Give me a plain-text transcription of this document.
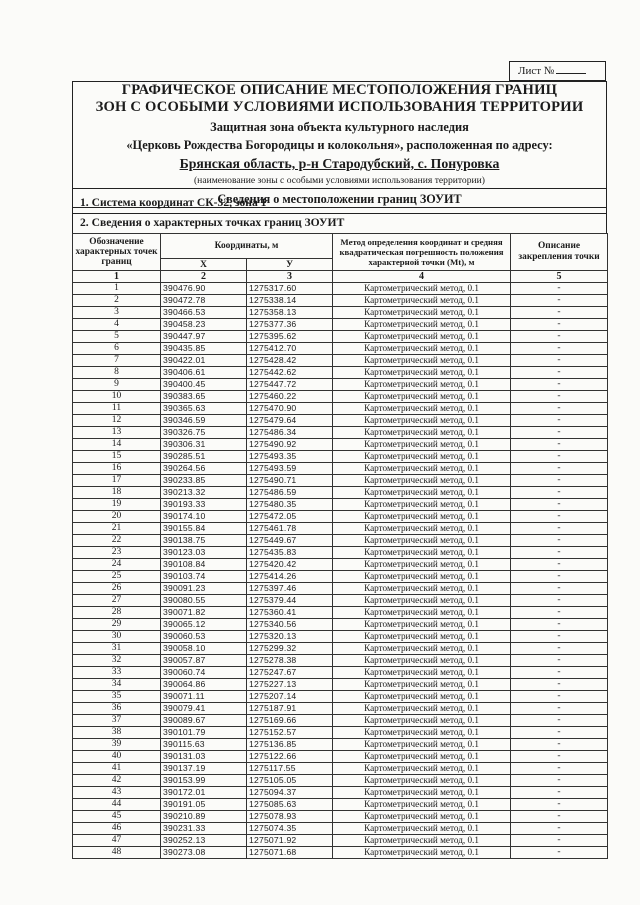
Лист №
ГРАФИЧЕСКОЕ ОПИСАНИЕ МЕСТОПОЛОЖЕНИЯ ГРАНИЦ
ЗОН С ОСОБЫМИ УСЛОВИЯМИ ИСПОЛЬЗОВАНИЯ ТЕРРИТОРИИ
Защитная зона объекта культурного наследия
«Церковь Рождества Богородицы и колокольня», расположенная по адресу:
Брянская область, р-н Стародубский, с. Понуровка
(наименование зоны с особыми условиями использования территории)
Сведения о местоположении границ ЗОУИТ
1. Система координат СК-32, зона 1
2. Сведения о характерных точках границ ЗОУИТ
Обозначение характерных точек границ	Координаты, м		Метод определения координат и средняя квадратическая погрешность положения характерной точки (Mt), м	Описание закрепления точки
	Х	У		
1	2	3	4	5
1	390476.90	1275317.60	Картометрический метод, 0.1	-
2	390472.78	1275338.14	Картометрический метод, 0.1	-
3	390466.53	1275358.13	Картометрический метод, 0.1	-
4	390458.23	1275377.36	Картометрический метод, 0.1	-
5	390447.97	1275395.62	Картометрический метод, 0.1	-
6	390435.85	1275412.70	Картометрический метод, 0.1	-
7	390422.01	1275428.42	Картометрический метод, 0.1	-
8	390406.61	1275442.62	Картометрический метод, 0.1	-
9	390400.45	1275447.72	Картометрический метод, 0.1	-
10	390383.65	1275460.22	Картометрический метод, 0.1	-
11	390365.63	1275470.90	Картометрический метод, 0.1	-
12	390346.59	1275479.64	Картометрический метод, 0.1	-
13	390326.75	1275486.34	Картометрический метод, 0.1	-
14	390306.31	1275490.92	Картометрический метод, 0.1	-
15	390285.51	1275493.35	Картометрический метод, 0.1	-
16	390264.56	1275493.59	Картометрический метод, 0.1	-
17	390233.85	1275490.71	Картометрический метод, 0.1	-
18	390213.32	1275486.59	Картометрический метод, 0.1	-
19	390193.33	1275480.35	Картометрический метод, 0.1	-
20	390174.10	1275472.05	Картометрический метод, 0.1	-
21	390155.84	1275461.78	Картометрический метод, 0.1	-
22	390138.75	1275449.67	Картометрический метод, 0.1	-
23	390123.03	1275435.83	Картометрический метод, 0.1	-
24	390108.84	1275420.42	Картометрический метод, 0.1	-
25	390103.74	1275414.26	Картометрический метод, 0.1	-
26	390091.23	1275397.46	Картометрический метод, 0.1	-
27	390080.55	1275379.44	Картометрический метод, 0.1	-
28	390071.82	1275360.41	Картометрический метод, 0.1	-
29	390065.12	1275340.56	Картометрический метод, 0.1	-
30	390060.53	1275320.13	Картометрический метод, 0.1	-
31	390058.10	1275299.32	Картометрический метод, 0.1	-
32	390057.87	1275278.38	Картометрический метод, 0.1	-
33	390060.74	1275247.67	Картометрический метод, 0.1	-
34	390064.86	1275227.13	Картометрический метод, 0.1	-
35	390071.11	1275207.14	Картометрический метод, 0.1	-
36	390079.41	1275187.91	Картометрический метод, 0.1	-
37	390089.67	1275169.66	Картометрический метод, 0.1	-
38	390101.79	1275152.57	Картометрический метод, 0.1	-
39	390115.63	1275136.85	Картометрический метод, 0.1	-
40	390131.03	1275122.66	Картометрический метод, 0.1	-
41	390137.19	1275117.55	Картометрический метод, 0.1	-
42	390153.99	1275105.05	Картометрический метод, 0.1	-
43	390172.01	1275094.37	Картометрический метод, 0.1	-
44	390191.05	1275085.63	Картометрический метод, 0.1	-
45	390210.89	1275078.93	Картометрический метод, 0.1	-
46	390231.33	1275074.35	Картометрический метод, 0.1	-
47	390252.13	1275071.92	Картометрический метод, 0.1	-
48	390273.08	1275071.68	Картометрический метод, 0.1	-
